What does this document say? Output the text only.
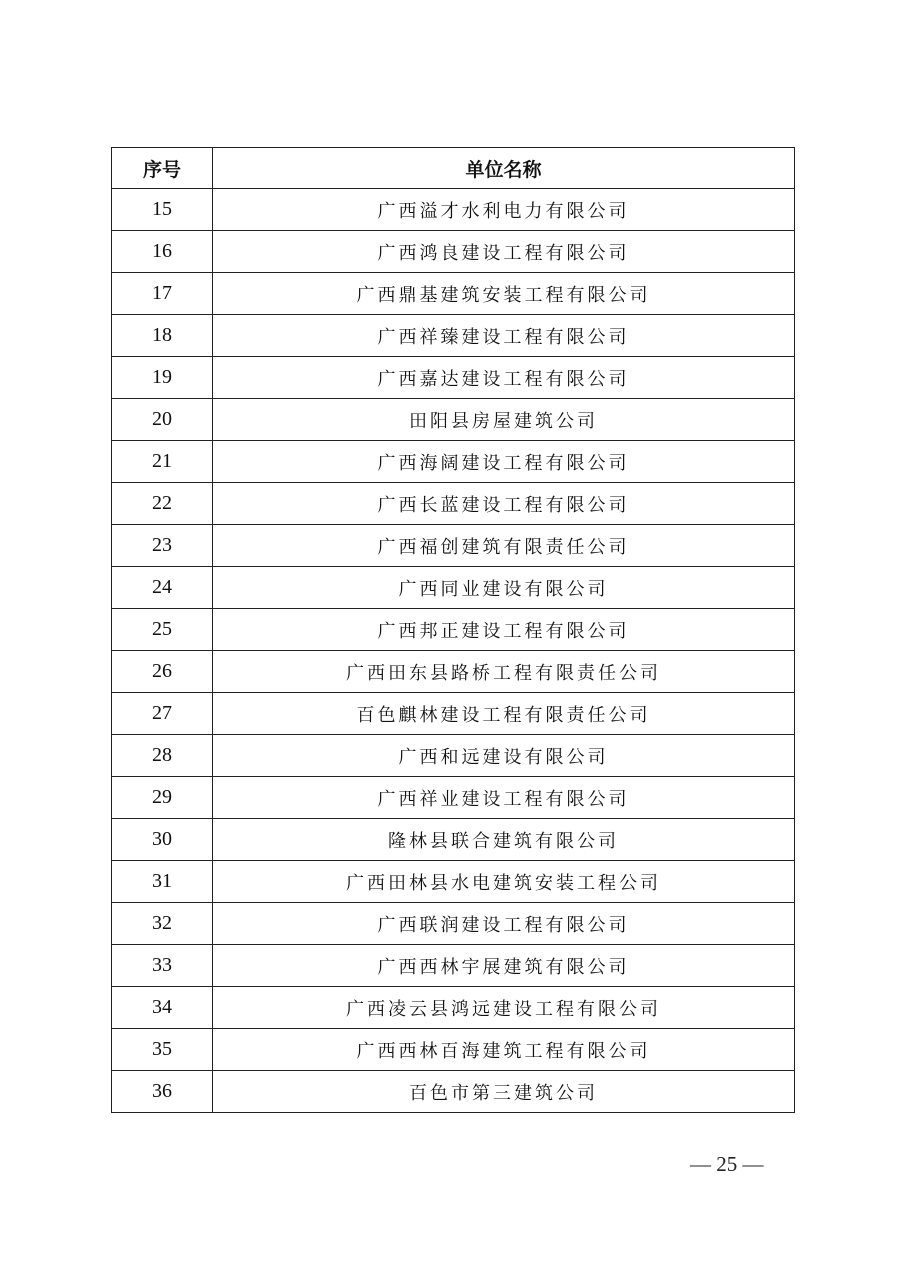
序号	单位名称
15	广西溢才水利电力有限公司
16	广西鸿良建设工程有限公司
17	广西鼎基建筑安装工程有限公司
18	广西祥臻建设工程有限公司
19	广西嘉达建设工程有限公司
20	田阳县房屋建筑公司
21	广西海阔建设工程有限公司
22	广西长蓝建设工程有限公司
23	广西福创建筑有限责任公司
24	广西同业建设有限公司
25	广西邦正建设工程有限公司
26	广西田东县路桥工程有限责任公司
27	百色麒林建设工程有限责任公司
28	广西和远建设有限公司
29	广西祥业建设工程有限公司
30	隆林县联合建筑有限公司
31	广西田林县水电建筑安装工程公司
32	广西联润建设工程有限公司
33	广西西林宇展建筑有限公司
34	广西凌云县鸿远建设工程有限公司
35	广西西林百海建筑工程有限公司
36	百色市第三建筑公司
— 25 —
